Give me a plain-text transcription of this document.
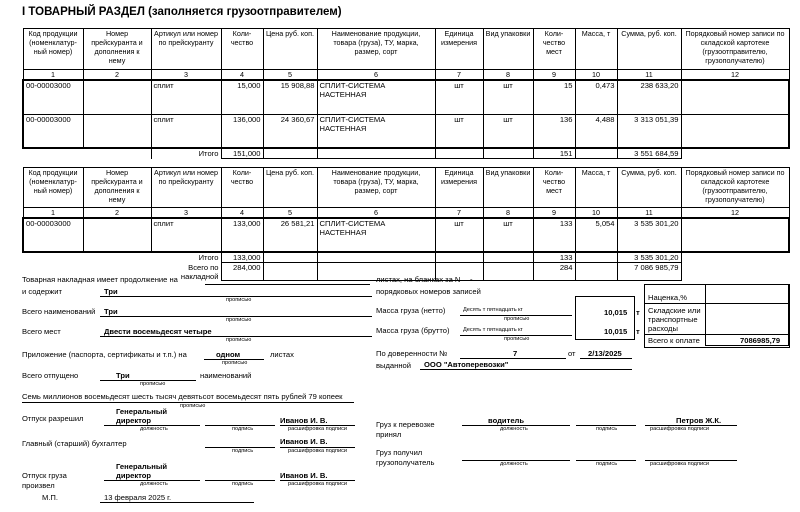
I ТОВАРНЫЙ РАЗДЕЛ (заполняется грузоотправителем)
Код продукции (номенклатур-ный номер)	Номер прейскуранта и дополнения к нему	Артикул или номер по прейскуранту	Коли-чество	Цена руб. коп.	Наименование продукции, товара (груза), ТУ, марка, размер, сорт	Единица измерения	Вид упаковки	Коли-чество мест	Масса, т	Сумма, руб. коп.	Порядковый номер записи по складской картотеке (грузоотправителю, грузополучателю)
1	2	3	4	5	6	7	8	9	10	11	12
00-00003000		сплит	15,000	15 908,88	СПЛИТ-СИСТЕМА НАСТЕННАЯ	шт	шт	15	0,473	238 633,20	
00-00003000		сплит	136,000	24 360,67	СПЛИТ-СИСТЕМА НАСТЕННАЯ	шт	шт	136	4,488	3 313 051,39	
		Итого	151,000					151		3 551 684,59	
Код продукции (номенклатур-ный номер)	Номер прейскуранта и дополнения к нему	Артикул или номер по прейскуранту	Коли-чество	Цена руб. коп.	Наименование продукции, товара (груза), ТУ, марка, размер, сорт	Единица измерения	Вид упаковки	Коли-чество мест	Масса, т	Сумма, руб. коп.	Порядковый номер записи по складской картотеке (грузоотправителю, грузополучателю)
1	2	3	4	5	6	7	8	9	10	11	12
00-00003000		сплит	133,000	26 581,21	СПЛИТ-СИСТЕМА НАСТЕННАЯ	шт	шт	133	5,054	3 535 301,20	
		Итого	133,000					133		3 535 301,20	
		Всего по накладной	284,000					284		7 086 985,79	
Товарная накладная имеет продолжение на
и содержит	Три
прописью
листах, на бланках за N -
порядковых номеров записей
Всего наименований Три
прописью
Всего мест	Двести восемьдесят четыре
прописью
Приложение (паспорта, сертификаты и т.п.) на	одном
прописью
листах
Всего отпущено	Три
прописью
наименований
Семь миллионов восемьдесят шесть тысяч девятьсот восемьдесят пять рублей 79 копеек
прописью
Отпуск разрешил
Генеральный директор
должность	подпись
Иванов И. В.
расшифровка подписи
Главный (старший) бухгалтер
подпись
Иванов И. В.
расшифровка подписи
Отпуск груза произвел
Генеральный директор
должность	подпись
Иванов И. В.
расшифровка подписи
М.П.	13 февраля 2025 г.
Масса груза (нетто)	Десять т пятнадцать кг
прописью
Масса груза (брутто) Десять т пятнадцать кг
прописью
10,015
10,015
т
т
Наценка,%
Складские или транспортные расходы
Всего к оплате	7086985,79
По доверенности №	7	от 2/13/2025
выданной ООО "Автоперевозки"
Груз к перевозке принял
водитель
должность	подпись
Петров Ж.К.
расшифровка подписи
Груз получил грузополучатель	должность	подпись	расшифровка подписи
